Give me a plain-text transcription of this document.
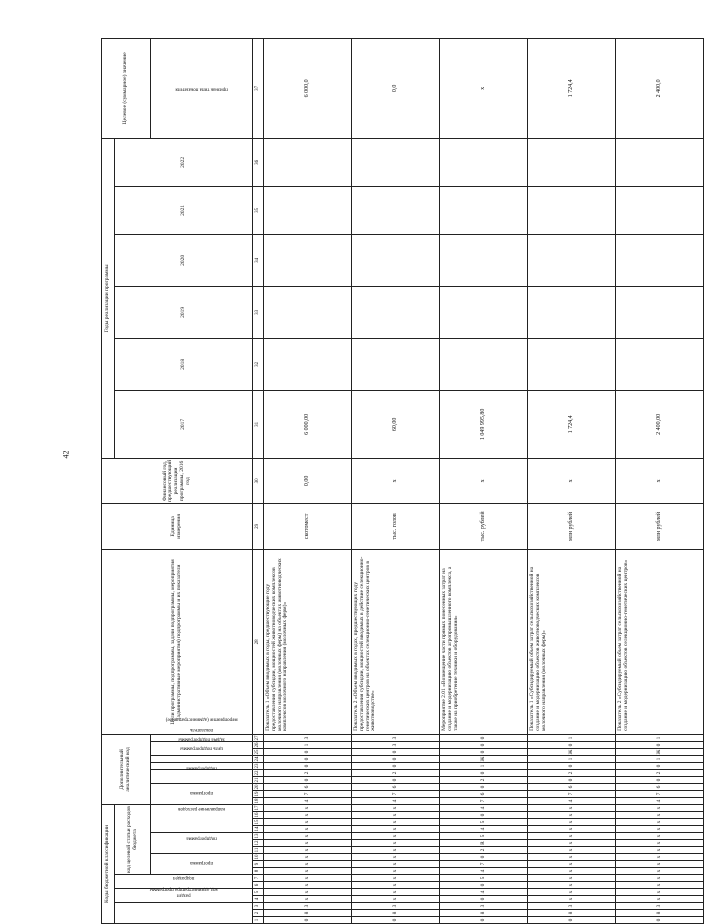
42
Коды бюджетной классификации																	Дополнительный аналитический код										Цели программы, подпрограммы, задачи подпрограммы, мероприятия (административные мероприятия) подпрограммы и их показатели	Единица измерения	Финансовый год, предшествующий реализации программы, 2016 год	Годы реализации программы						Целевое (суммарное) значение	
код администратора программы			раздел		подраздел		код целевой статьи расходов бюджета																							2017	2018	2019	2020	2021	2022		
							программа			подпрограмма			направление расходов				программа			подпрограмма		цель подпрограммы	задача подпрограммы	мероприятие (административное)		показатель										признак типа показателя	
1	2	3	4	5	6	7	8	9	10	11	12	13	14	15	16	17	18	19	20	21	22	23	24	25	26	27	28	29	30	31	32	33	34	35	36	37	
0	8	3	х	х	х	х	х	х	х	х	х	х	х	х	х	х	4	7	6	0	2	0	0	0	1	3	Показатель 1 «Объем вводимых в годы, предшествующие году предоставления субсидии, мощностей животноводческих комплексов молочного направления (молочных ферм) на объектах животноводческих комплексов молочного направления (молочных ферм)»	скотомест	0,00	6 000,00						6 000,0	
0	8	3	х	х	х	х	х	х	х	х	х	х	х	х	х	х	4	7	6	0	2	0	0	0	3	3	Показатель 2 «Объем вводимых в годах, предшествующих году предоставления субсидии, мощностей вводимых в действие селекционно-генетических центров на объектах селекционно-генетических центров в животноводстве»	тыс. голов	х	60,00						0,0	
0	8	3	0	4	0	5	4	7	0	2	R	5	4	5	0	4	7	6	0	2	0	1	Ж	0	0	0	Мероприятие 2.01 «Возмещение части прямых понесенных затрат на создание и модернизацию объектов агропромышленного комплекса, а также на приобретение техники и оборудования»	тыс. рублей	х	1 049 995,80						х	
0	8	3	х	х	х	х	х	х	х	х	х	х	х	х	х	х	4	7	6	0	2	0	1	Ж	0	1	Показатель 1 «Субсидируемый объем затрат сельскохозяйственной на создание и модернизацию объектов животноводческих комплексов молочного направления (молочных ферм)»	млн рублей	х	1 724,4						1 724,4	
0	8	3	х	х	х	х	х	х	х	х	х	х	х	х	х	х	4	7	6	0	2	0	1	Ж	0	1	Показатель 2 «Субсидируемый объем затрат сельскохозяйственной на создание и модернизацию объектов селекционно-генетических центров»	млн рублей	х	2 400,00						2 400,0	
